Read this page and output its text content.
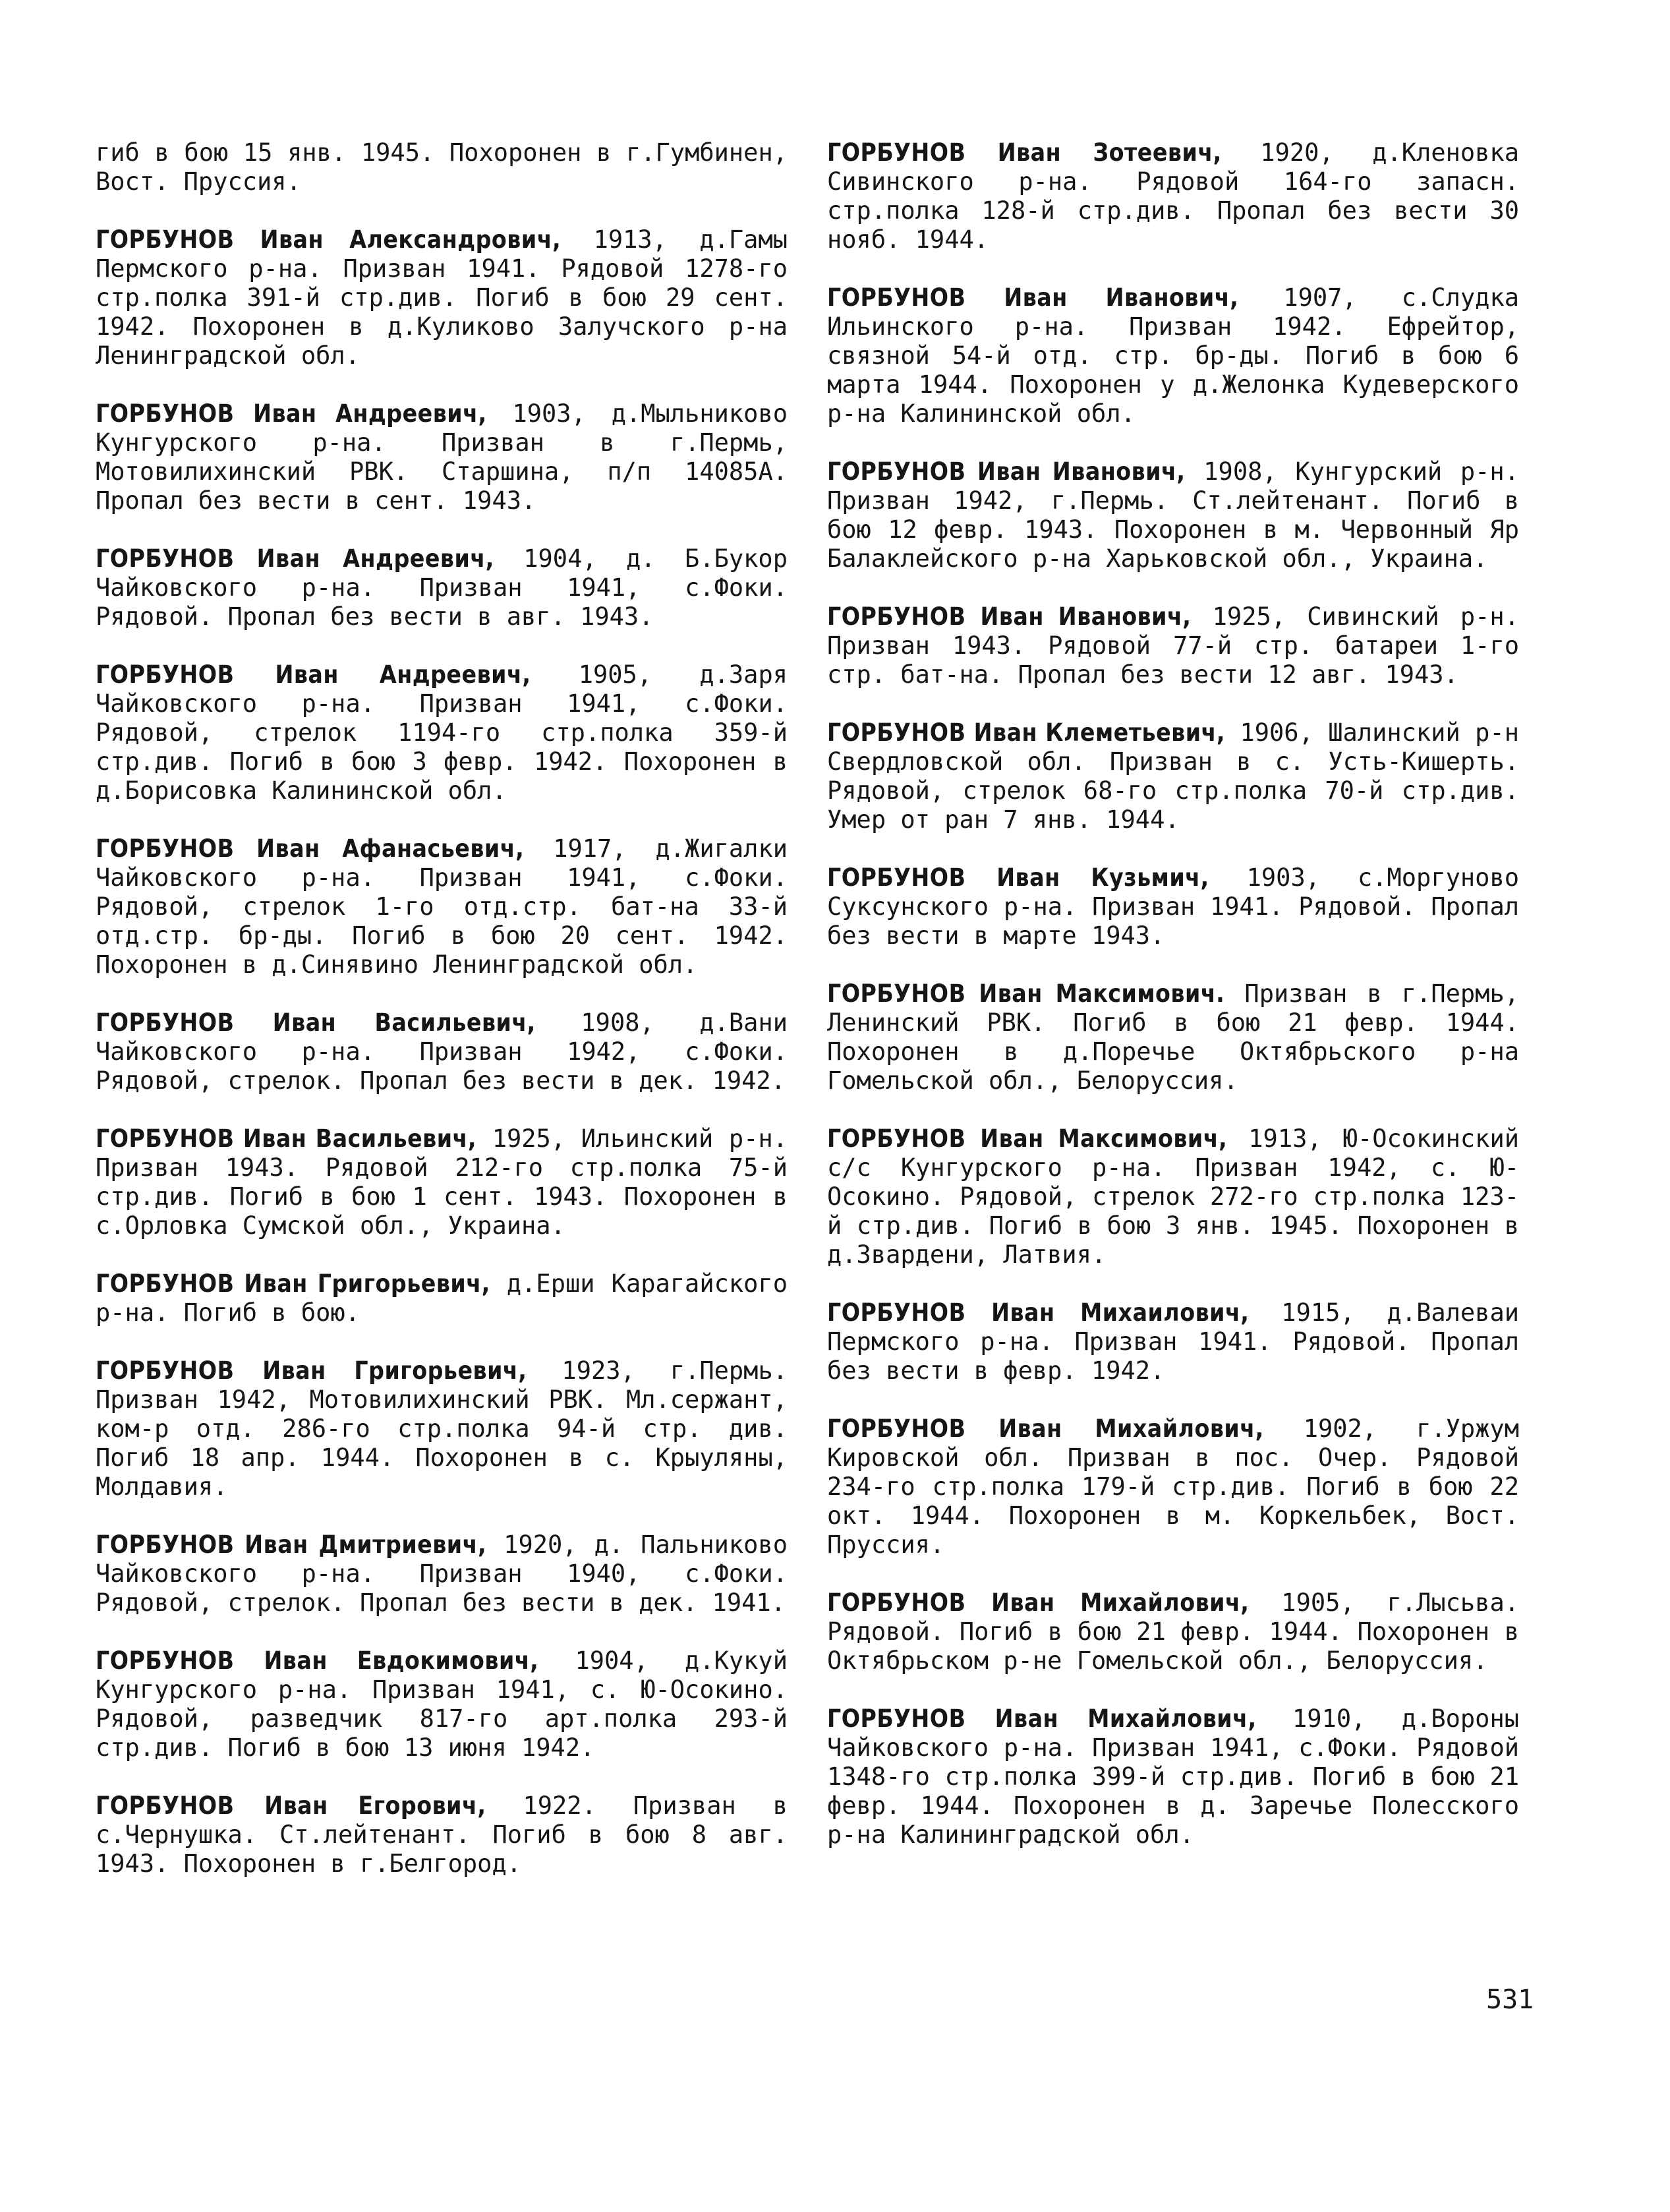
гиб в бою 15 янв. 1945. Похоронен в г.Гумбинен, Вост. Пруссия.

ГОРБУНОВ Иван Александрович, 1913, д.Гамы Пермского р-на. Призван 1941. Рядовой 1278-го стр.полка 391-й стр.див. Погиб в бою 29 сент. 1942. Похоронен в д.Куликово Залучского р-на Ленинградской обл.

ГОРБУНОВ Иван Андреевич, 1903, д.Мыльниково Кунгурского р-на. Призван в г.Пермь, Мотовилихинский РВК. Старшина, п/п 14085А. Пропал без вести в сент. 1943.

ГОРБУНОВ Иван Андреевич, 1904, д. Б.Букор Чайковского р-на. Призван 1941, с.Фоки. Рядовой. Пропал без вести в авг. 1943.

ГОРБУНОВ Иван Андреевич, 1905, д.Заря Чайковского р-на. Призван 1941, с.Фоки. Рядовой, стрелок 1194-го стр.полка 359-й стр.див. Погиб в бою 3 февр. 1942. Похоронен в д.Борисовка Калининской обл.

ГОРБУНОВ Иван Афанасьевич, 1917, д.Жигалки Чайковского р-на. Призван 1941, с.Фоки. Рядовой, стрелок 1-го отд.стр. бат-на 33-й отд.стр. бр-ды. Погиб в бою 20 сент. 1942. Похоронен в д.Синявино Ленинградской обл.

ГОРБУНОВ Иван Васильевич, 1908, д.Вани Чайковского р-на. Призван 1942, с.Фоки. Рядовой, стрелок. Пропал без вести в дек. 1942.

ГОРБУНОВ Иван Васильевич, 1925, Ильинский р-н. Призван 1943. Рядовой 212-го стр.полка 75-й стр.див. Погиб в бою 1 сент. 1943. Похоронен в с.Орловка Сумской обл., Украина.

ГОРБУНОВ Иван Григорьевич, д.Ерши Карагайского р-на. Погиб в бою.

ГОРБУНОВ Иван Григорьевич, 1923, г.Пермь. Призван 1942, Мотовилихинский РВК. Мл.сержант, ком-р отд. 286-го стр.полка 94-й стр. див. Погиб 18 апр. 1944. Похоронен в с. Крыуляны, Молдавия.

ГОРБУНОВ Иван Дмитриевич, 1920, д. Пальниково Чайковского р-на. Призван 1940, с.Фоки. Рядовой, стрелок. Пропал без вести в дек. 1941.

ГОРБУНОВ Иван Евдокимович, 1904, д.Кукуй Кунгурского р-на. Призван 1941, с. Ю-Осокино. Рядовой, разведчик 817-го арт.полка 293-й стр.див. Погиб в бою 13 июня 1942.

ГОРБУНОВ Иван Егорович, 1922. Призван в с.Чернушка. Ст.лейтенант. Погиб в бою 8 авг. 1943. Похоронен в г.Белгород.

ГОРБУНОВ Иван Зотеевич, 1920, д.Кленовка Сивинского р-на. Рядовой 164-го запасн. стр.полка 128-й стр.див. Пропал без вести 30 нояб. 1944.

ГОРБУНОВ Иван Иванович, 1907, с.Слудка Ильинского р-на. Призван 1942. Ефрейтор, связной 54-й отд. стр. бр-ды. Погиб в бою 6 марта 1944. Похоронен у д.Желонка Кудеверского р-на Калининской обл.

ГОРБУНОВ Иван Иванович, 1908, Кунгурский р-н. Призван 1942, г.Пермь. Ст.лейтенант. Погиб в бою 12 февр. 1943. Похоронен в м. Червонный Яр Балаклейского р-на Харьковской обл., Украина.

ГОРБУНОВ Иван Иванович, 1925, Сивинский р-н. Призван 1943. Рядовой 77-й стр. батареи 1-го стр. бат-на. Пропал без вести 12 авг. 1943.

ГОРБУНОВ Иван Клеметьевич, 1906, Шалинский р-н Свердловской обл. Призван в с. Усть-Кишерть. Рядовой, стрелок 68-го стр.полка 70-й стр.див. Умер от ран 7 янв. 1944.

ГОРБУНОВ Иван Кузьмич, 1903, с.Моргуново Суксунского р-на. Призван 1941. Рядовой. Пропал без вести в марте 1943.

ГОРБУНОВ Иван Максимович. Призван в г.Пермь, Ленинский РВК. Погиб в бою 21 февр. 1944. Похоронен в д.Поречье Октябрьского р-на Гомельской обл., Белоруссия.

ГОРБУНОВ Иван Максимович, 1913, Ю-Осокинский с/с Кунгурского р-на. Призван 1942, с. Ю-Осокино. Рядовой, стрелок 272-го стр.полка 123-й стр.див. Погиб в бою 3 янв. 1945. Похоронен в д.Звардени, Латвия.

ГОРБУНОВ Иван Михаилович, 1915, д.Валеваи Пермского р-на. Призван 1941. Рядовой. Пропал без вести в февр. 1942.

ГОРБУНОВ Иван Михайлович, 1902, г.Уржум Кировской обл. Призван в пос. Очер. Рядовой 234-го стр.полка 179-й стр.див. Погиб в бою 22 окт. 1944. Похоронен в м. Коркельбек, Вост. Пруссия.

ГОРБУНОВ Иван Михайлович, 1905, г.Лысьва. Рядовой. Погиб в бою 21 февр. 1944. Похоронен в Октябрьском р-не Гомельской обл., Белоруссия.

ГОРБУНОВ Иван Михайлович, 1910, д.Вороны Чайковского р-на. Призван 1941, с.Фоки. Рядовой 1348-го стр.полка 399-й стр.див. Погиб в бою 21 февр. 1944. Похоронен в д. Заречье Полесского р-на Калининградской обл.

531
